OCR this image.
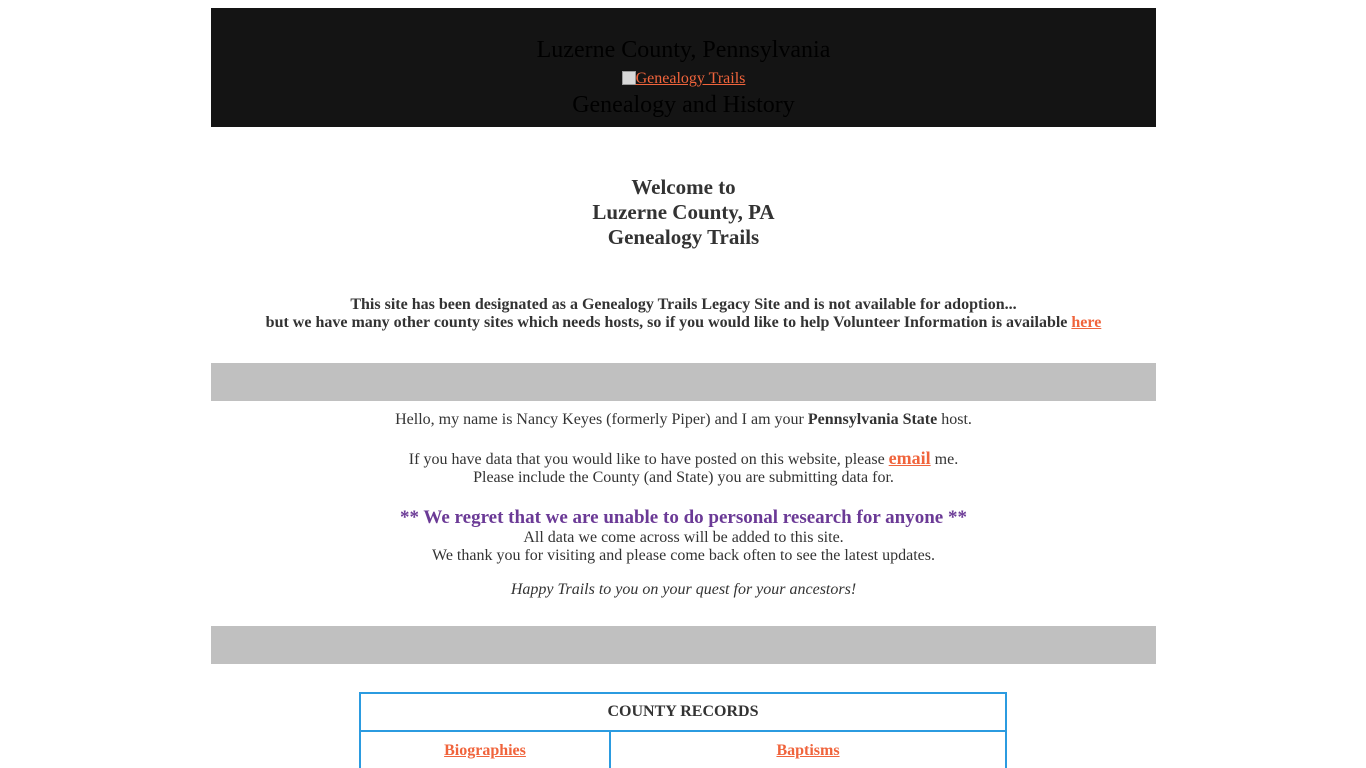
Luzerne County, Pennsylvania
Genealogy Trails
Genealogy and History
Welcome to
Luzerne County, PA
Genealogy Trails
This site has been designated as a Genealogy Trails Legacy Site and is not available for adoption...
but we have many other county sites which needs hosts, so if you would like to help Volunteer Information is available here

Hello, my name is Nancy Keyes (formerly Piper) and I am your Pennsylvania State host.

If you have data that you would like to have posted on this website, please email me.

Please include the County (and State) you are submitting data for.

** We regret that we are unable to do personal research for anyone **

All data we come across will be added to this site.

We thank you for visiting and please come back often to see the latest updates.

Happy Trails to you on your quest for your ancestors!

COUNTY RECORDS
Biographies	Baptisms
